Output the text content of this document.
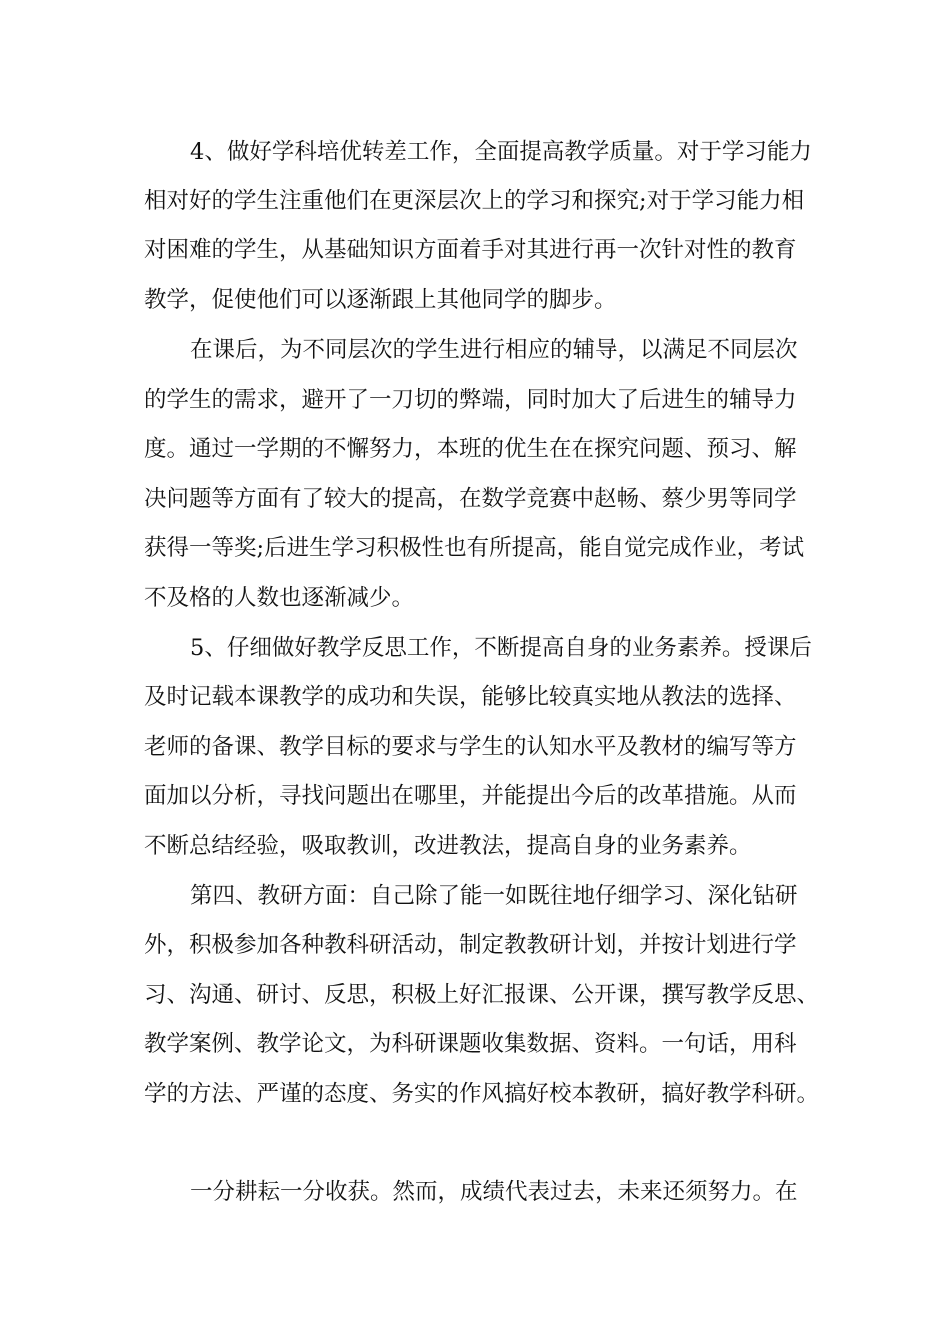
4、做好学科培优转差工作，全面提高教学质量。对于学习能力
相对好的学生注重他们在更深层次上的学习和探究;对于学习能力相
对困难的学生，从基础知识方面着手对其进行再一次针对性的教育
教学，促使他们可以逐渐跟上其他同学的脚步。
在课后，为不同层次的学生进行相应的辅导，以满足不同层次
的学生的需求，避开了一刀切的弊端，同时加大了后进生的辅导力
度。通过一学期的不懈努力，本班的优生在在探究问题、预习、解
决问题等方面有了较大的提高，在数学竞赛中赵畅、蔡少男等同学
获得一等奖;后进生学习积极性也有所提高，能自觉完成作业，考试
不及格的人数也逐渐减少。
5、仔细做好教学反思工作，不断提高自身的业务素养。授课后
及时记载本课教学的成功和失误，能够比较真实地从教法的选择、
老师的备课、教学目标的要求与学生的认知水平及教材的编写等方
面加以分析，寻找问题出在哪里，并能提出今后的改革措施。从而
不断总结经验，吸取教训，改进教法，提高自身的业务素养。
第四、教研方面：自己除了能一如既往地仔细学习、深化钻研
外，积极参加各种教科研活动，制定教教研计划，并按计划进行学
习、沟通、研讨、反思，积极上好汇报课、公开课，撰写教学反思、
教学案例、教学论文，为科研课题收集数据、资料。一句话，用科
学的方法、严谨的态度、务实的作风搞好校本教研，搞好教学科研。
一分耕耘一分收获。然而，成绩代表过去，未来还须努力。在
